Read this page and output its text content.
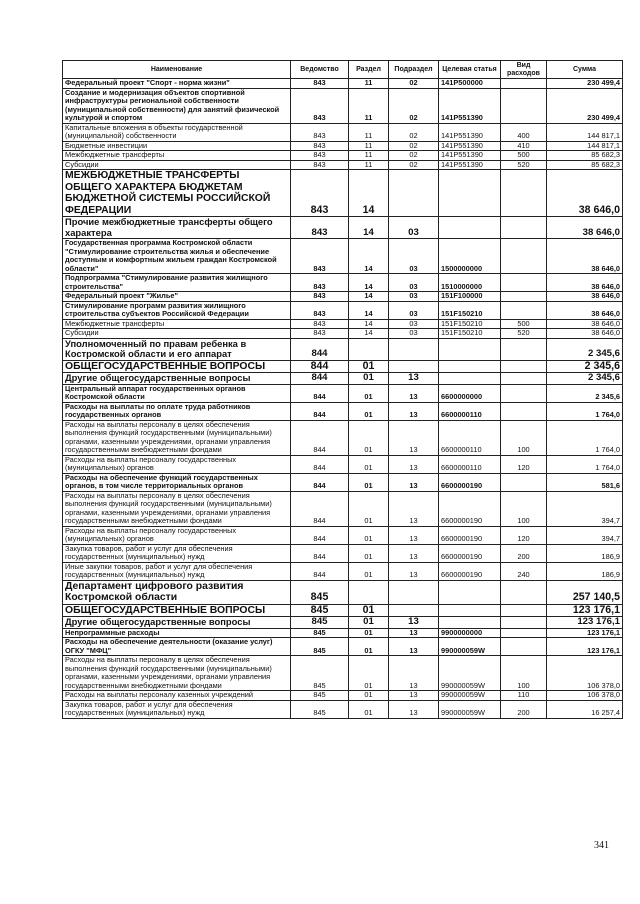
Наименование	Ведомство	Раздел	Подраздел	Целевая статья	Вид расходов	Сумма
Федеральный проект "Спорт - норма жизни"	843	11	02	141P500000		230 499,4
Создание и модернизация объектов спортивной инфраструктуры региональной собственности (муниципальной собственности) для занятий физической культурой и спортом	843	11	02	141P551390		230 499,4
Капитальные вложения в объекты государственной (муниципальной) собственности	843	11	02	141P551390	400	144 817,1
Бюджетные инвестиции	843	11	02	141P551390	410	144 817,1
Межбюджетные трансферты	843	11	02	141P551390	500	85 682,3
Субсидии	843	11	02	141P551390	520	85 682,3
МЕЖБЮДЖЕТНЫЕ ТРАНСФЕРТЫ ОБЩЕГО ХАРАКТЕРА БЮДЖЕТАМ БЮДЖЕТНОЙ СИСТЕМЫ РОССИЙСКОЙ ФЕДЕРАЦИИ	843	14				38 646,0
Прочие межбюджетные трансферты общего характера	843	14	03			38 646,0
Государственная программа Костромской области "Стимулирование строительства жилья и обеспечение доступным и комфортным жильем граждан Костромской области"	843	14	03	1500000000		38 646,0
Подпрограмма "Стимулирование развития жилищного строительства"	843	14	03	1510000000		38 646,0
Федеральный проект "Жилье"	843	14	03	151F100000		38 646,0
Стимулирование программ развития жилищного строительства субъектов Российской Федерации	843	14	03	151F150210		38 646,0
Межбюджетные трансферты	843	14	03	151F150210	500	38 646,0
Субсидии	843	14	03	151F150210	520	38 646,0
Уполномоченный по правам ребенка в Костромской области и его аппарат	844					2 345,6
ОБЩЕГОСУДАРСТВЕННЫЕ ВОПРОСЫ	844	01				2 345,6
Другие общегосударственные вопросы	844	01	13			2 345,6
Центральный аппарат государственных органов Костромской области	844	01	13	6600000000		2 345,6
Расходы на выплаты по оплате труда работников государственных органов	844	01	13	6600000110		1 764,0
Расходы на выплаты персоналу в целях обеспечения выполнения функций государственными (муниципальными) органами, казенными учреждениями, органами управления государственными внебюджетными фондами	844	01	13	6600000110	100	1 764,0
Расходы на выплаты персоналу государственных (муниципальных) органов	844	01	13	6600000110	120	1 764,0
Расходы на обеспечение функций государственных органов, в том числе территориальных органов	844	01	13	6600000190		581,6
Расходы на выплаты персоналу в целях обеспечения выполнения функций государственными (муниципальными) органами, казенными учреждениями, органами управления государственными внебюджетными фондами	844	01	13	6600000190	100	394,7
Расходы на выплаты персоналу государственных (муниципальных) органов	844	01	13	6600000190	120	394,7
Закупка товаров, работ и услуг для обеспечения государственных (муниципальных) нужд	844	01	13	6600000190	200	186,9
Иные закупки товаров, работ и услуг для обеспечения государственных (муниципальных) нужд	844	01	13	6600000190	240	186,9
Департамент цифрового развития Костромской области	845					257 140,5
ОБЩЕГОСУДАРСТВЕННЫЕ ВОПРОСЫ	845	01				123 176,1
Другие общегосударственные вопросы	845	01	13			123 176,1
Непрограммные расходы	845	01	13	9900000000		123 176,1
Расходы на обеспечение деятельности (оказание услуг) ОГКУ "МФЦ"	845	01	13	990000059W		123 176,1
Расходы на выплаты персоналу в целях обеспечения выполнения функций государственными (муниципальными) органами, казенными учреждениями, органами управления государственными внебюджетными фондами	845	01	13	990000059W	100	106 378,0
Расходы на выплаты персоналу казенных учреждений	845	01	13	990000059W	110	106 378,0
Закупка товаров, работ и услуг для обеспечения государственных (муниципальных) нужд	845	01	13	990000059W	200	16 257,4
341
